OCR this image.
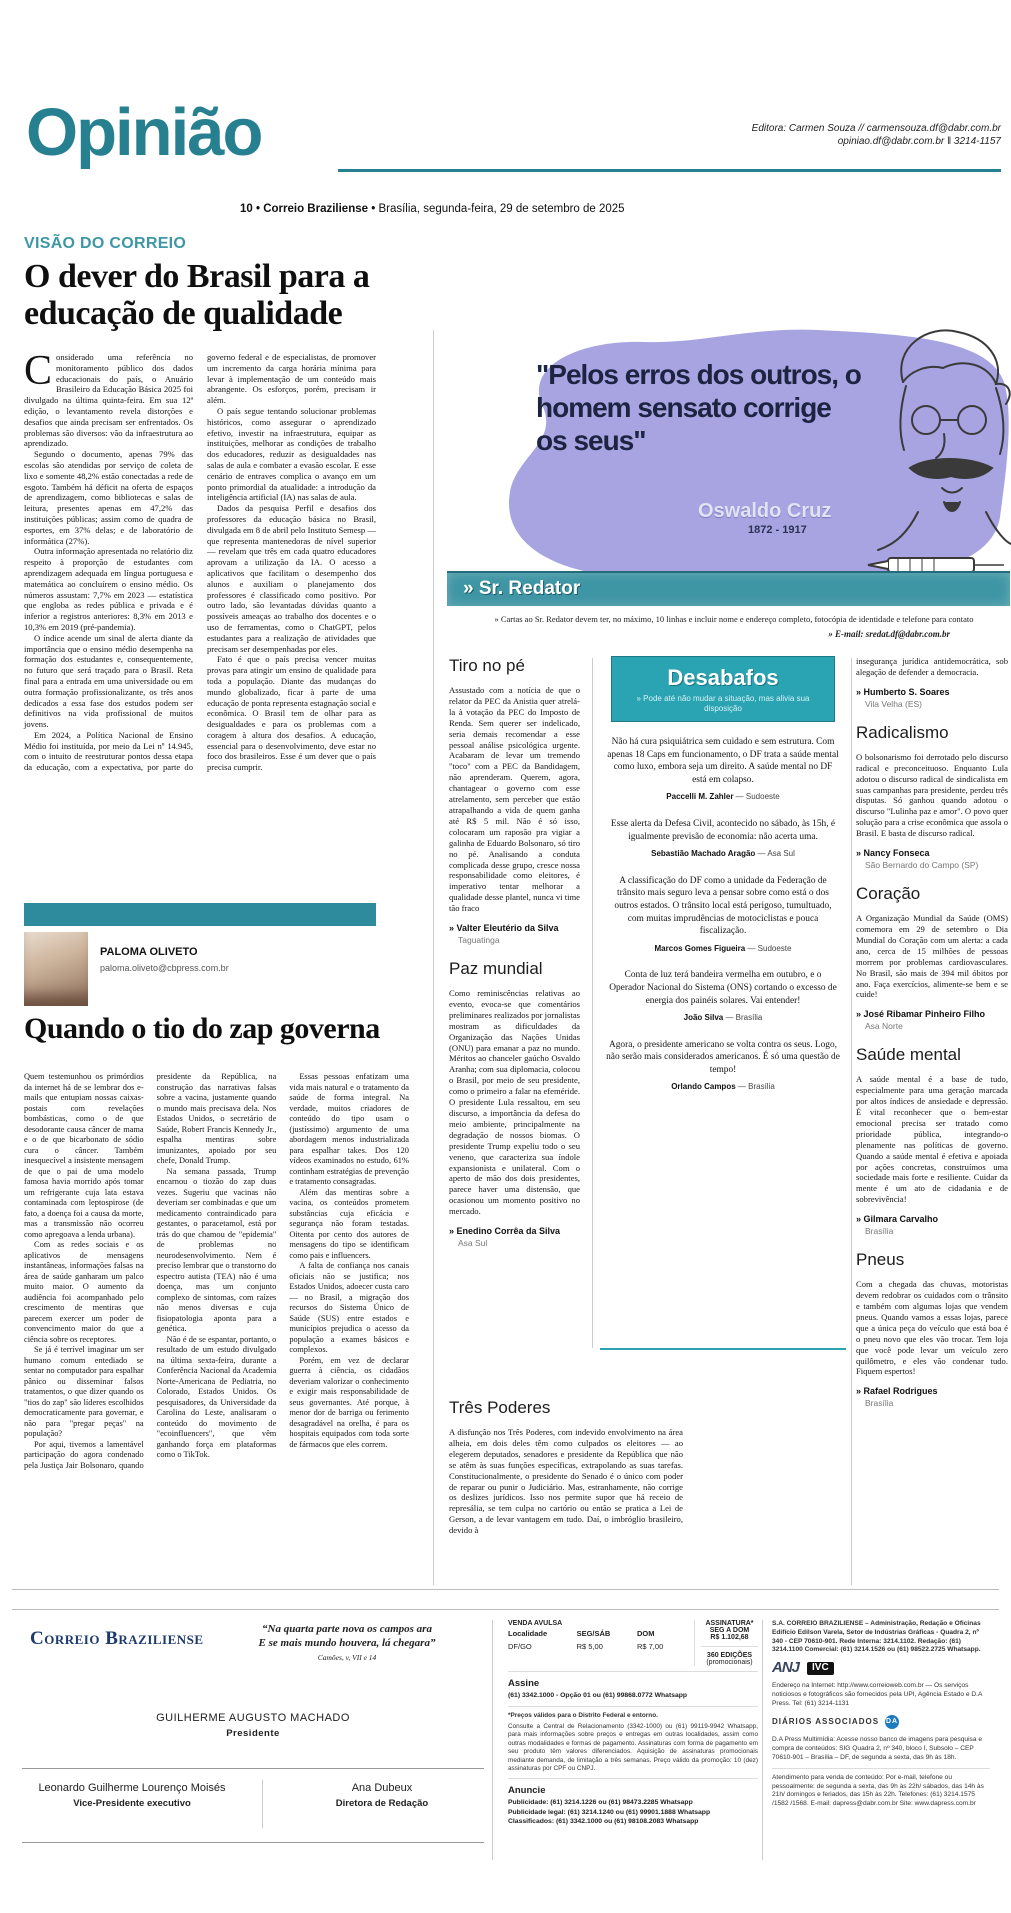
Opinião	Editora: Carmen Souza // carmensouza.df@dabr.com.br
opiniao.df@dabr.com.br ‖ 3214-1157
10 • Correio Braziliense • Brasília, segunda-feira, 29 de setembro de 2025
VISÃO DO CORREIO
O dever do Brasil para a educação de qualidade

Considerado uma referência no monitoramento público dos dados educacionais do país, o Anuário Brasileiro da Educação Básica 2025 foi divulgado na última quinta-feira. Em sua 12ª edição, o levantamento revela distorções e desafios que ainda precisam ser enfrentados. Os problemas são diversos: vão da infraestrutura ao aprendizado.

Segundo o documento, apenas 79% das escolas são atendidas por serviço de coleta de lixo e somente 48,2% estão conectadas a rede de esgoto. Também há déficit na oferta de espaços de aprendizagem, como bibliotecas e salas de leitura, presentes apenas em 47,2% das instituições públicas; assim como de quadra de esportes, em 37% delas; e de laboratório de informática (27%).

Outra informação apresentada no relatório diz respeito à proporção de estudantes com aprendizagem adequada em língua portuguesa e matemática ao concluírem o ensino médio. Os números assustam: 7,7% em 2023 — estatística que engloba as redes pública e privada e é inferior a registros anteriores: 8,3% em 2013 e 10,3% em 2019 (pré-pandemia).

O índice acende um sinal de alerta diante da importância que o ensino médio desempenha na formação dos estudantes e, consequentemente, no futuro que será traçado para o Brasil. Reta final para a entrada em uma universidade ou em outra formação profissionalizante, os três anos dedicados a essa fase dos estudos podem ser definitivos na vida profissional de muitos jovens.

Em 2024, a Política Nacional de Ensino Médio foi instituída, por meio da Lei nº 14.945, com o intuito de reestruturar pontos dessa etapa da educação, com a expectativa, por parte do governo federal e de especialistas, de promover um incremento da carga horária mínima para levar à implementação de um conteúdo mais abrangente. Os esforços, porém, precisam ir além.

O país segue tentando solucionar problemas históricos, como assegurar o aprendizado efetivo, investir na infraestrutura, equipar as instituições, melhorar as condições de trabalho dos educadores, reduzir as desigualdades nas salas de aula e combater a evasão escolar. E esse cenário de entraves complica o avanço em um ponto primordial da atualidade: a introdução da inteligência artificial (IA) nas salas de aula.

Dados da pesquisa Perfil e desafios dos professores da educação básica no Brasil, divulgada em 8 de abril pelo Instituto Semesp — que representa mantenedoras de nível superior — revelam que três em cada quatro educadores aprovam a utilização da IA. O acesso a aplicativos que facilitam o desempenho dos alunos e auxiliam o planejamento dos professores é classificado como positivo. Por outro lado, são levantadas dúvidas quanto a possíveis ameaças ao trabalho dos docentes e o uso de ferramentas, como o ChatGPT, pelos estudantes para a realização de atividades que precisam ser desempenhadas por eles.

Fato é que o país precisa vencer muitas provas para atingir um ensino de qualidade para toda a população. Diante das mudanças do mundo globalizado, ficar à parte de uma educação de ponta representa estagnação social e econômica. O Brasil tem de olhar para as desigualdades e para os problemas com a coragem à altura dos desafios. A educação, essencial para o desenvolvimento, deve estar no foco dos brasileiros. Esse é um dever que o país precisa cumprir.

PALOMA OLIVETO
paloma.oliveto@cbpress.com.br
Quando o tio do zap governa

Quem testemunhou os primórdios da internet há de se lembrar dos e-mails que entupiam nossas caixas-postais com revelações bombásticas, como o de que desodorante causa câncer de mama e o de que bicarbonato de sódio cura o câncer. Também inesquecível a insistente mensagem de que o pai de uma modelo famosa havia morrido após tomar um refrigerante cuja lata estava contaminada com leptospirose (de fato, a doença foi a causa da morte, mas a transmissão não ocorreu como apregoava a lenda urbana).

Com as redes sociais e os aplicativos de mensagens instantâneas, informações falsas na área de saúde ganharam um palco muito maior. O aumento da audiência foi acompanhado pelo crescimento de mentiras que parecem exercer um poder de convencimento maior do que a ciência sobre os receptores.

Se já é terrível imaginar um ser humano comum entediado se sentar no computador para espalhar pânico ou disseminar falsos tratamentos, o que dizer quando os "tios do zap" são líderes escolhidos democraticamente para governar, e não para "pregar peças" na população?

Por aqui, tivemos a lamentável participação do agora condenado pela Justiça Jair Bolsonaro, quando presidente da República, na construção das narrativas falsas sobre a vacina, justamente quando o mundo mais precisava dela. Nos Estados Unidos, o secretário de Saúde, Robert Francis Kennedy Jr., espalha mentiras sobre imunizantes, apoiado por seu chefe, Donald Trump.

Na semana passada, Trump encarnou o tiozão do zap duas vezes. Sugeriu que vacinas não deveriam ser combinadas e que um medicamento contraindicado para gestantes, o paracetamol, está por trás do que chamou de "epidemia" de problemas no neurodesenvolvimento. Nem é preciso lembrar que o transtorno do espectro autista (TEA) não é uma doença, mas um conjunto complexo de sintomas, com raízes não menos diversas e cuja fisiopatologia aponta para a genética.

Não é de se espantar, portanto, o resultado de um estudo divulgado na última sexta-feira, durante a Conferência Nacional da Academia Norte-Americana de Pediatria, no Colorado, Estados Unidos. Os pesquisadores, da Universidade da Carolina do Leste, analisaram o conteúdo do movimento de "ecoinfluencers", que vêm ganhando força em plataformas como o TikTok.

Essas pessoas enfatizam uma vida mais natural e o tratamento da saúde de forma integral. Na verdade, muitos criadores de conteúdo do tipo usam o (justíssimo) argumento de uma abordagem menos industrializada para espalhar takes. Dos 120 vídeos examinados no estudo, 61% continham estratégias de prevenção e tratamento consagradas.

Além das mentiras sobre a vacina, os conteúdos prometem substâncias cuja eficácia e segurança não foram testadas. Oitenta por cento dos autores de mensagens do tipo se identificam como pais e influencers.

A falta de confiança nos canais oficiais não se justifica; nos Estados Unidos, adoecer custa caro — no Brasil, a migração dos recursos do Sistema Único de Saúde (SUS) entre estados e municípios prejudica o acesso da população a exames básicos e complexos.

Porém, em vez de declarar guerra à ciência, os cidadãos deveriam valorizar o conhecimento e exigir mais responsabilidade de seus governantes. Até porque, à menor dor de barriga ou ferimento desagradável na orelha, é para os hospitais equipados com toda sorte de fármacos que eles correm.

"Pelos erros dos outros, o homem sensato corrige os seus"
Oswaldo Cruz
1872 - 1917
» Sr. Redator
» Cartas ao Sr. Redator devem ter, no máximo, 10 linhas e incluir nome e endereço completo, fotocópia de identidade e telefone para contato
» E-mail: sredat.df@dabr.com.br
Tiro no pé

Assustado com a notícia de que o relator da PEC da Anistia quer atrelá-la à votação da PEC do Imposto de Renda. Sem querer ser indelicado, seria demais recomendar a esse pessoal análise psicológica urgente. Acabaram de levar um tremendo "toco" com a PEC da Bandidagem, não aprenderam. Querem, agora, chantagear o governo com esse atrelamento, sem perceber que estão atrapalhando a vida de quem ganha até R$ 5 mil. Não é só isso, colocaram um raposão pra vigiar a galinha de Eduardo Bolsonaro, só tiro no pé. Analisando a conduta complicada desse grupo, cresce nossa responsabilidade como eleitores, é imperativo tentar melhorar a qualidade desse plantel, nunca vi time tão fraco

» Valter Eleutério da Silva
Taguatinga
Paz mundial

Como reminiscências relativas ao evento, evoca-se que comentários preliminares realizados por jornalistas mostram as dificuldades da Organização das Nações Unidas (ONU) para emanar a paz no mundo. Méritos ao chanceler gaúcho Osvaldo Aranha; com sua diplomacia, colocou o Brasil, por meio de seu presidente, como o primeiro a falar na efeméride. O presidente Lula ressaltou, em seu discurso, a importância da defesa do meio ambiente, principalmente na degradação de nossos biomas. O presidente Trump expeliu todo o seu veneno, que caracteriza sua índole expansionista e unilateral. Com o aperto de mão dos dois presidentes, parece haver uma distensão, que ocasionou um momento positivo no mercado.

» Enedino Corrêa da Silva
Asa Sul
Três Poderes

A disfunção nos Três Poderes, com indevido envolvimento na área alheia, em dois deles têm como culpados os eleitores — ao elegerem deputados, senadores e presidente da República que não se atêm às suas funções específicas, extrapolando as suas tarefas. Constitucionalmente, o presidente do Senado é o único com poder de reparar ou punir o Judiciário. Mas, estranhamente, não corrige os deslizes jurídicos. Isso nos permite supor que há receio de represália, se tem culpa no cartório ou então se pratica a Lei de Gerson, a de levar vantagem em tudo. Daí, o imbróglio brasileiro, devido à

Desabafos
» Pode até não mudar a situação, mas alivia sua disposição
Não há cura psiquiátrica sem cuidado e sem estrutura. Com apenas 18 Caps em funcionamento, o DF trata a saúde mental como luxo, embora seja um direito. A saúde mental no DF está em colapso.
Paccelli M. Zahler — Sudoeste
Esse alerta da Defesa Civil, acontecido no sábado, às 15h, é igualmente previsão de economia: não acerta uma.
Sebastião Machado Aragão — Asa Sul
A classificação do DF como a unidade da Federação de trânsito mais seguro leva a pensar sobre como está o dos outros estados. O trânsito local está perigoso, tumultuado, com muitas imprudências de motociclistas e pouca fiscalização.
Marcos Gomes Figueira — Sudoeste
Conta de luz terá bandeira vermelha em outubro, e o Operador Nacional do Sistema (ONS) cortando o excesso de energia dos painéis solares. Vai entender!
João Silva — Brasília
Agora, o presidente americano se volta contra os seus. Logo, não serão mais considerados americanos. É só uma questão de tempo!
Orlando Campos — Brasília

insegurança jurídica antidemocrática, sob alegação de defender a democracia.

» Humberto S. Soares
Vila Velha (ES)
Radicalismo

O bolsonarismo foi derrotado pelo discurso radical e preconceituoso. Enquanto Lula adotou o discurso radical de sindicalista em suas campanhas para presidente, perdeu três disputas. Só ganhou quando adotou o discurso "Lulinha paz e amor". O povo quer solução para a crise econômica que assola o Brasil. E basta de discurso radical.

» Nancy Fonseca
São Bernardo do Campo (SP)
Coração

A Organização Mundial da Saúde (OMS) comemora em 29 de setembro o Dia Mundial do Coração com um alerta: a cada ano, cerca de 15 milhões de pessoas morrem por problemas cardiovasculares. No Brasil, são mais de 394 mil óbitos por ano. Faça exercícios, alimente-se bem e se cuide!

» José Ribamar Pinheiro Filho
Asa Norte
Saúde mental

A saúde mental é a base de tudo, especialmente para uma geração marcada por altos índices de ansiedade e depressão. É vital reconhecer que o bem-estar emocional precisa ser tratado como prioridade pública, integrando-o plenamente nas políticas de governo. Quando a saúde mental é efetiva e apoiada por ações concretas, construímos uma sociedade mais forte e resiliente. Cuidar da mente é um ato de cidadania e de sobrevivência!

» Gilmara Carvalho
Brasília
Pneus

Com a chegada das chuvas, motoristas devem redobrar os cuidados com o trânsito e também com algumas lojas que vendem pneus. Quando vamos a essas lojas, parece que a única peça do veículo que está boa é o pneu novo que eles vão trocar. Tem loja que você pode levar um veículo zero quilômetro, e eles vão condenar tudo. Fiquem espertos!

» Rafael Rodrigues
Brasília
Correio Braziliense	“Na quarta parte nova os campos ara
E se mais mundo houvera, lá chegara”
Camões, v, VII e 14
GUILHERME AUGUSTO MACHADO
Presidente
Leonardo Guilherme Lourenço Moisés
Vice-Presidente executivo
Ana Dubeux
Diretora de Redação
VENDA AVULSA
Localidade	SEG/SÁB	DOM
DF/GO	R$ 5,00	R$ 7,00
ASSINATURA*
SEG A DOM
R$ 1.102,68
360 EDIÇÕES
(promocionais)
Assine
(61) 3342.1000 - Opção 01 ou (61) 99868.0772 Whatsapp
*Preços válidos para o Distrito Federal e entorno.
Consulte a Central de Relacionamento (3342-1000) ou (61) 99119-9942 Whatsapp, para mais informações sobre preços e entregas em outras localidades, assim como outras modalidades e formas de pagamento. Assinaturas com forma de pagamento em seu produto têm valores diferenciados. Aquisição de assinaturas promocionais mediante demanda, de limitação a três semanas. Preço válido da promoção: 10 (dez) assinaturas por CPF ou CNPJ.
Anuncie
Publicidade: (61) 3214.1226 ou (61) 98473.2285 Whatsapp
Publicidade legal: (61) 3214.1240 ou (61) 99901.1888 Whatsapp
Classificados: (61) 3342.1000 ou (61) 98108.2083 Whatsapp
S.A. CORREIO BRAZILIENSE – Administração, Redação e Oficinas Edifício Edilson Varela, Setor de Indústrias Gráficas - Quadra 2, nº 340 - CEP 70610-901. Rede Interna: 3214.1102. Redação: (61) 3214.1100 Comercial: (61) 3214.1526 ou (61) 98522.2725 Whatsapp.
ANJ	IVC
Endereço na Internet: http://www.correioweb.com.br — Os serviços noticiosos e fotográficos são fornecidos pela UPI, Agência Estado e D.A Press. Tel: (61) 3214-1131
DIÁRIOS ASSOCIADOS DA
D.A Press Multimídia: Acesse nosso banco de imagens para pesquisa e compra de conteúdos: SIG Quadra 2, nº 340, bloco I, Subsolo – CEP 70610-901 – Brasília – DF, de segunda a sexta, das 9h às 18h.
Atendimento para venda de conteúdo: Por e-mail, telefone ou pessoalmente: de segunda a sexta, das 9h às 22h/ sábados, das 14h às 21h/ domingos e feriados, das 15h às 22h. Telefones: (61) 3214.1575 /1582 /1568. E-mail: dapress@dabr.com.br Site: www.dapress.com.br
